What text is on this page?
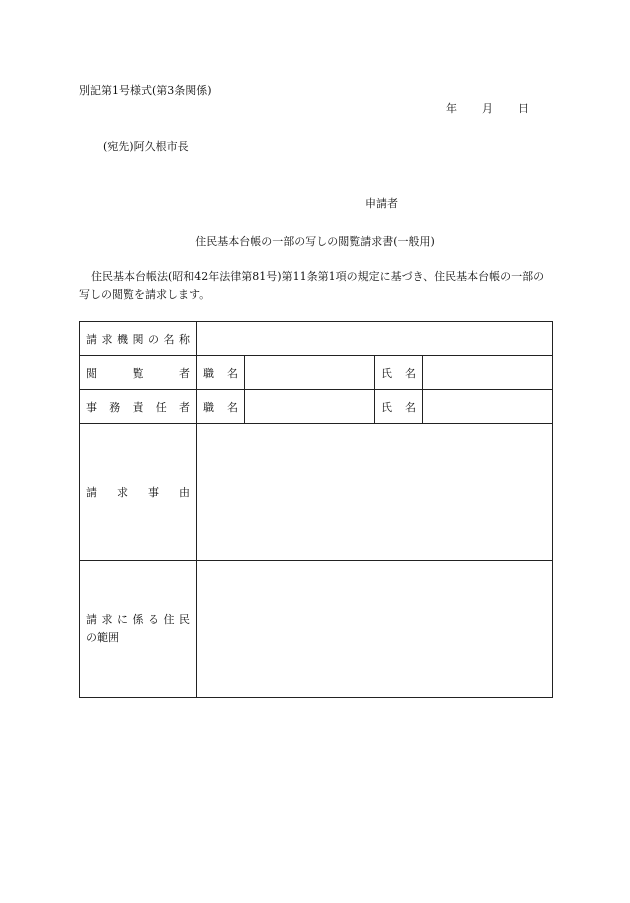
別記第1号様式(第3条関係)
年 月 日
(宛先)阿久根市長
申請者
住民基本台帳の一部の写しの閲覧請求書(一般用)
住民基本台帳法(昭和42年法律第81号)第11条第1項の規定に基づき、住民基本台帳の一部の写しの閲覧を請求します。
請求機関の名称				

閲覧者	職名		氏名	

事務責任者	職名		氏名	

請求事由				

請求に係る住民
の範囲				
